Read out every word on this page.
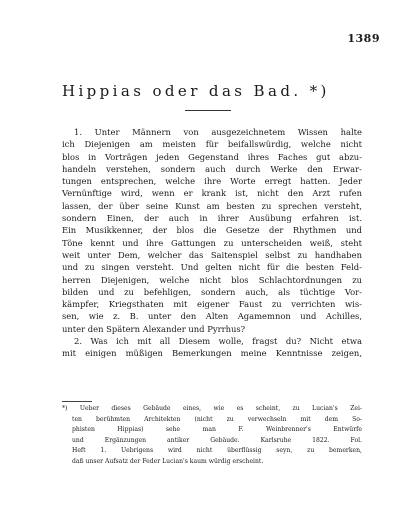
1389
Hippias oder das Bad. *)
1. Unter Männern von ausgezeichnetem Wissen halte
ich Diejenigen am meisten für beifallswürdig, welche nicht
blos in Vorträgen jeden Gegenstand ihres Faches gut abzu-
handeln verstehen, sondern auch durch Werke den Erwar-
tungen entsprechen, welche ihre Worte erregt hatten. Jeder
Vernünftige wird, wenn er krank ist, nicht den Arzt rufen
lassen, der über seine Kunst am besten zu sprechen versteht,
sondern Einen, der auch in ihrer Ausübung erfahren ist.
Ein Musikkenner, der blos die Gesetze der Rhythmen und
Töne kennt und ihre Gattungen zu unterscheiden weiß, steht
weit unter Dem, welcher das Saitenspiel selbst zu handhaben
und zu singen versteht. Und gelten nicht für die besten Feld-
herren Diejenigen, welche nicht blos Schlachtordnungen zu
bilden und zu befehligen, sondern auch, als tüchtige Vor-
kämpfer, Kriegsthaten mit eigener Faust zu verrichten wis-
sen, wie z. B. unter den Alten Agamemnon und Achilles,
unter den Spätern Alexander und Pyrrhus?
2. Was ich mit all Diesem wolle, fragst du? Nicht etwa
mit einigen müßigen Bemerkungen meine Kenntnisse zeigen,
*) Ueber dieses Gebäude eines, wie es scheint, zu Lucian's Zei-
ten berühmten Architekten (nicht zu verwechseln mit dem So-
phisten Hippias) sehe man F. Weinbrenner's Entwürfe
und Ergänzungen antiker Gebäude. Karlsruhe 1822. Fol.
Heft 1. Uebrigens wird nicht überflüssig seyn, zu bemerken,
daß unser Aufsatz der Feder Lucian's kaum würdig erscheint.
